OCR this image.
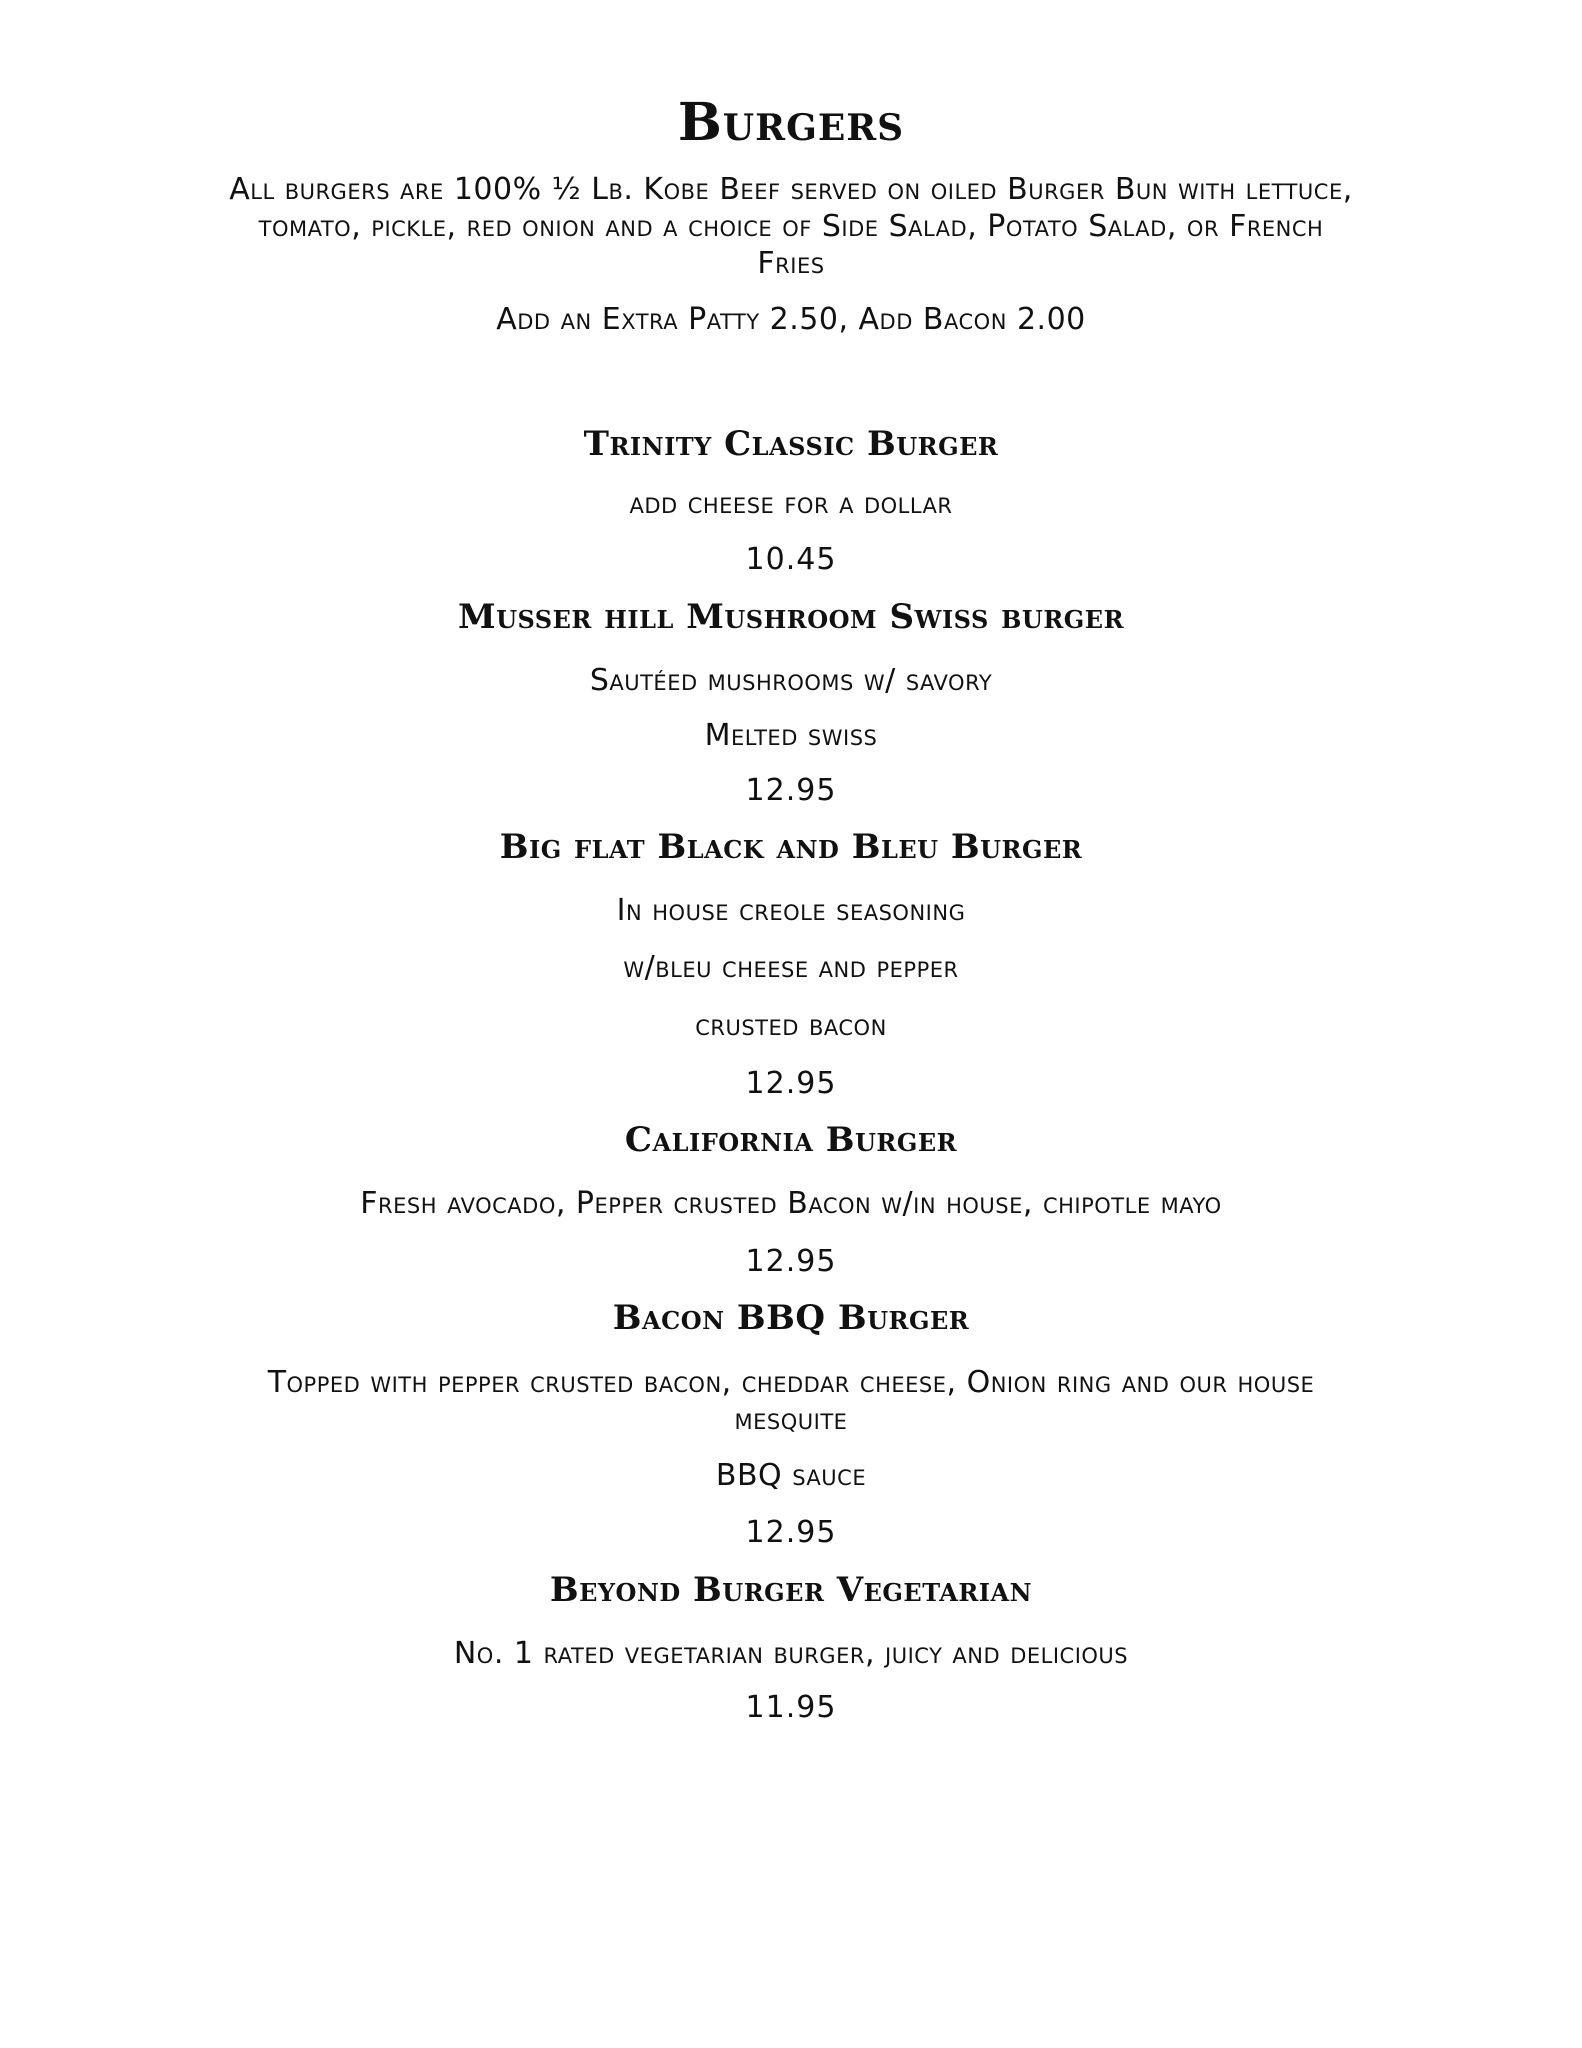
Burgers

All burgers are 100% ½ Lb. Kobe Beef served on oiled Burger Bun with lettuce,

tomato, pickle, red onion and a choice of Side Salad, Potato Salad, or French

Fries

Add an Extra Patty 2.50, Add Bacon 2.00

Trinity Classic Burger

add cheese for a dollar

10.45

Musser hill Mushroom Swiss burger

Sautéed mushrooms w/ savory

Melted swiss

12.95

Big flat Black and Bleu Burger

In house creole seasoning

w/bleu cheese and pepper

crusted bacon

12.95

California Burger

Fresh avocado, Pepper crusted Bacon w/in house, chipotle mayo

12.95

Bacon BBQ Burger

Topped with pepper crusted bacon, cheddar cheese, Onion ring and our house

mesquite

BBQ sauce

12.95

Beyond Burger Vegetarian

No. 1 rated vegetarian burger, juicy and delicious

11.95
